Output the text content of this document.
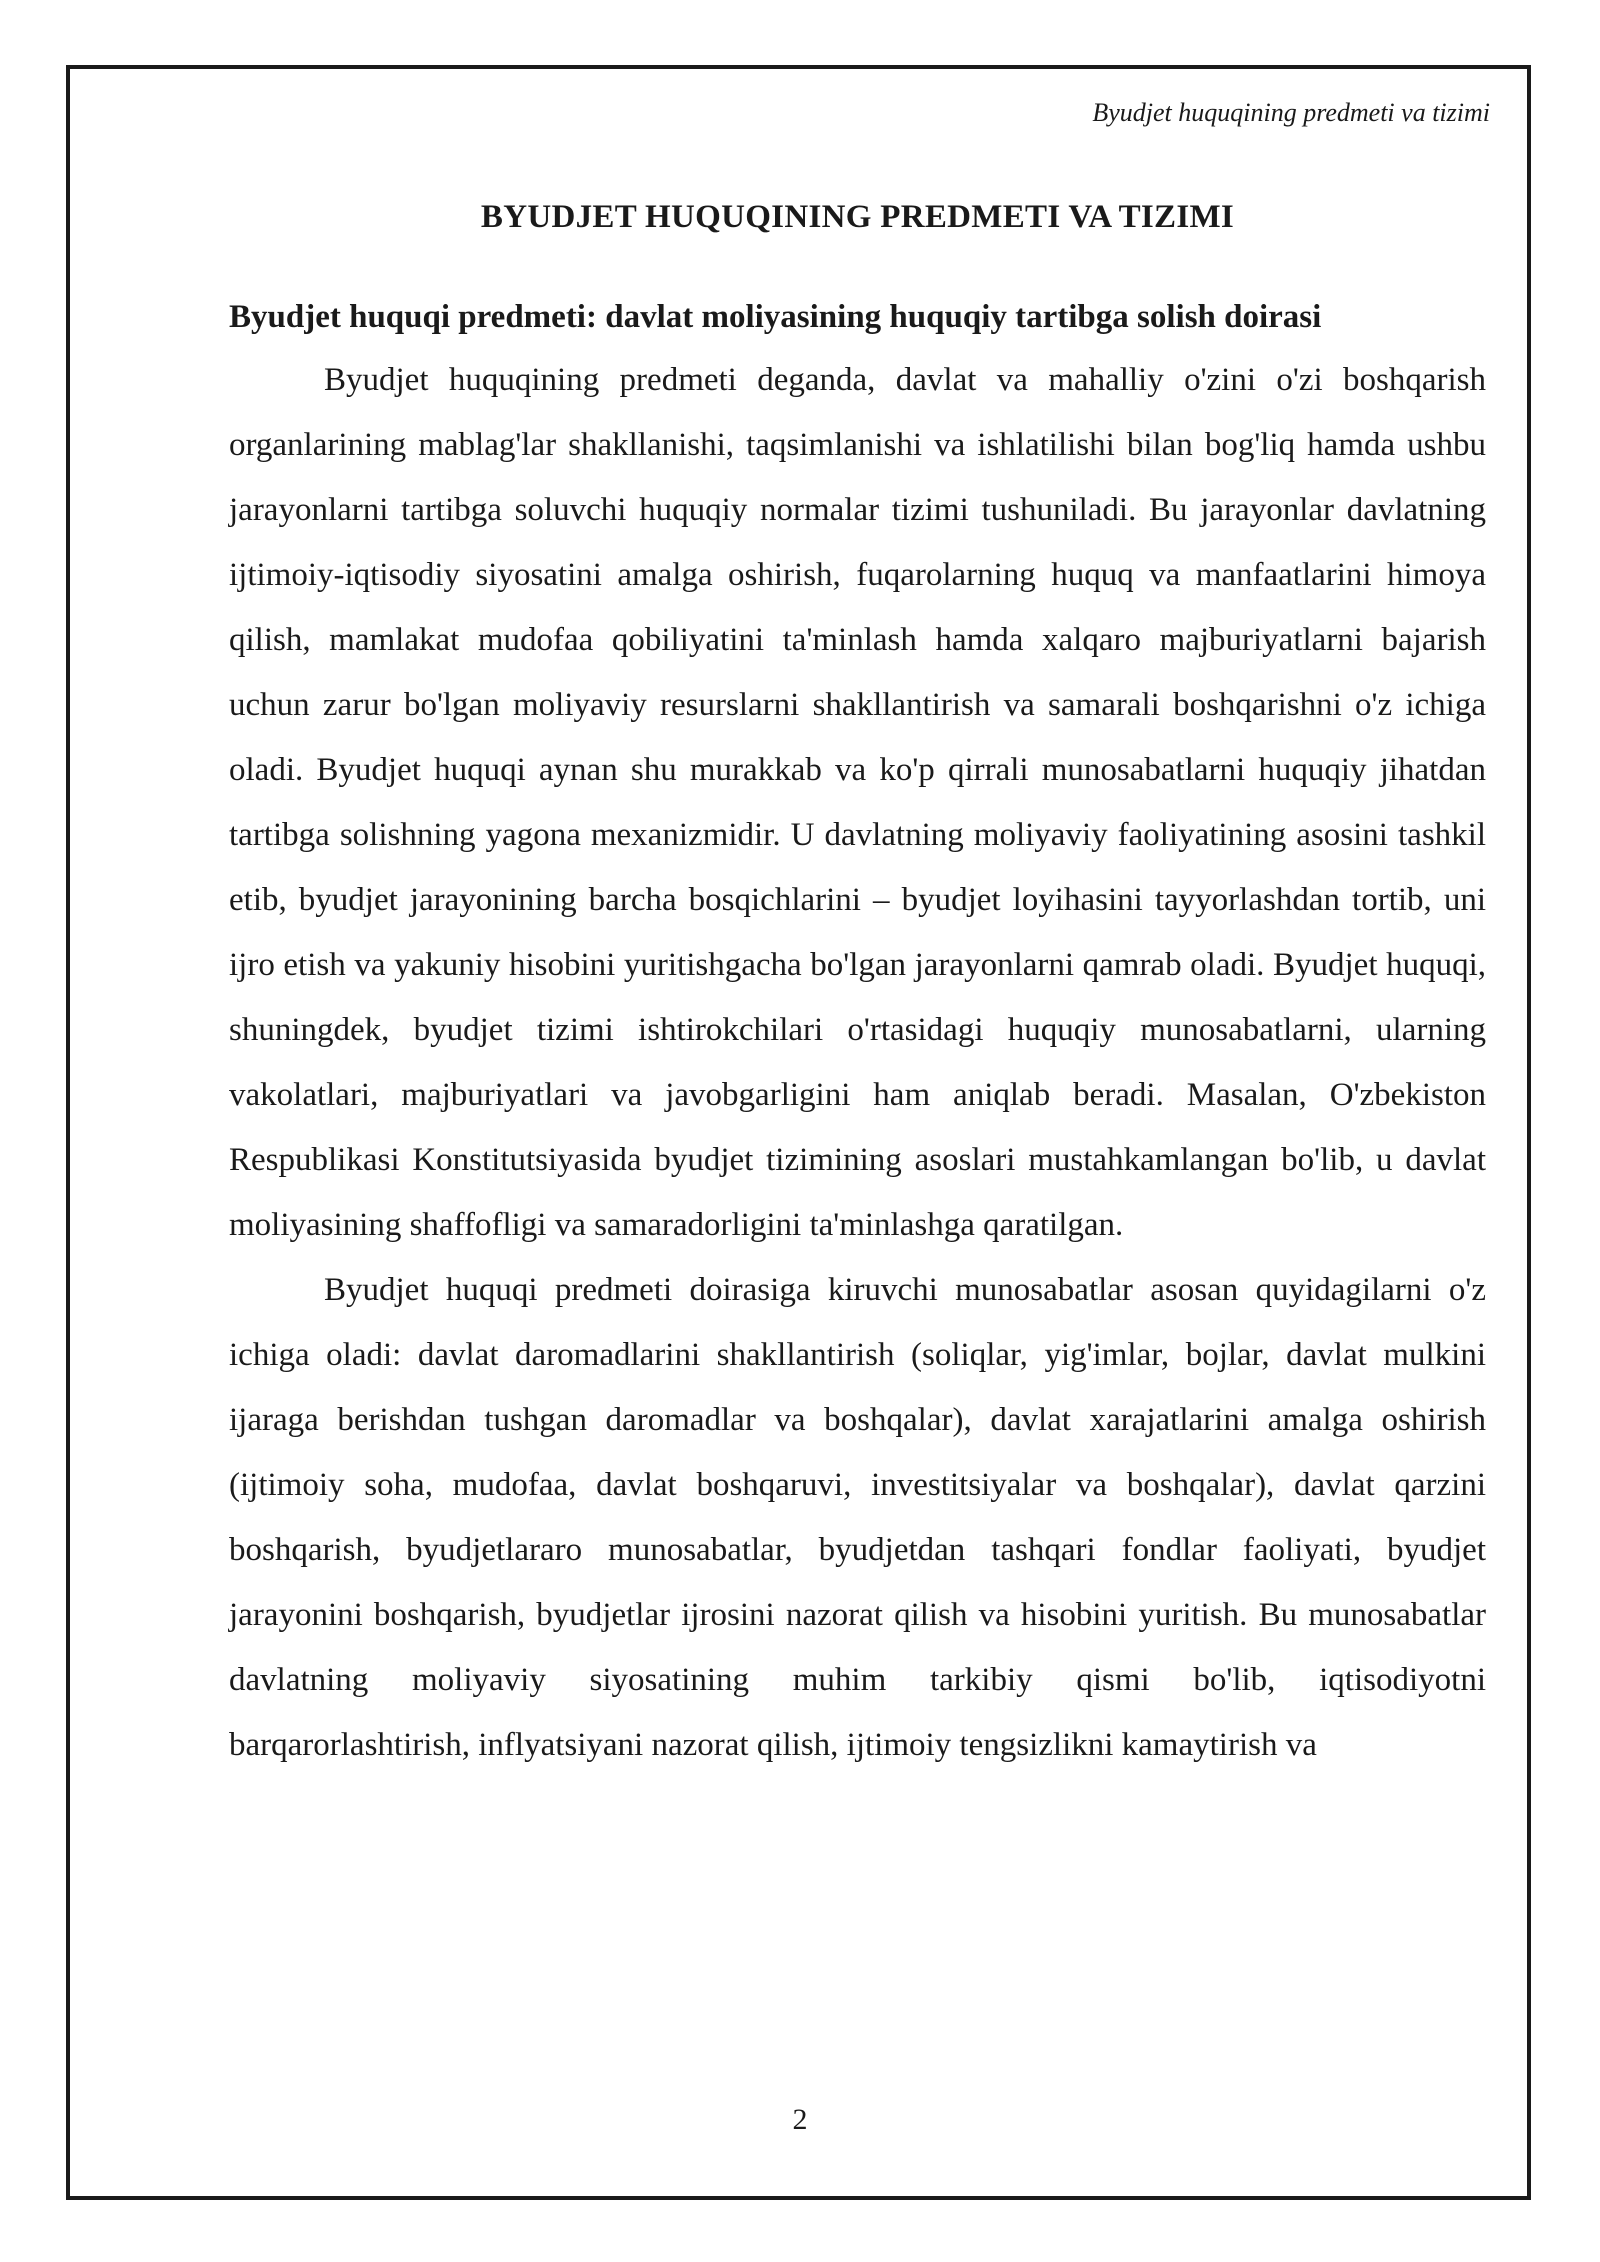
Byudjet huquqining predmeti va tizimi
BYUDJET HUQUQINING PREDMETI VA TIZIMI
Byudjet huquqi predmeti: davlat moliyasining huquqiy tartibga solish doirasi

Byudjet huquqining predmeti deganda, davlat va mahalliy o'zini o'zi boshqarish organlarining mablag'lar shakllanishi, taqsimlanishi va ishlatilishi bilan bog'liq hamda ushbu jarayonlarni tartibga soluvchi huquqiy normalar tizimi tushuniladi. Bu jarayonlar davlatning ijtimoiy-iqtisodiy siyosatini amalga oshirish, fuqarolarning huquq va manfaatlarini himoya qilish, mamlakat mudofaa qobiliyatini ta'minlash hamda xalqaro majburiyatlarni bajarish uchun zarur bo'lgan moliyaviy resurslarni shakllantirish va samarali boshqarishni o'z ichiga oladi. Byudjet huquqi aynan shu murakkab va ko'p qirrali munosabatlarni huquqiy jihatdan tartibga solishning yagona mexanizmidir. U davlatning moliyaviy faoliyatining asosini tashkil etib, byudjet jarayonining barcha bosqichlarini – byudjet loyihasini tayyorlashdan tortib, uni ijro etish va yakuniy hisobini yuritishgacha bo'lgan jarayonlarni qamrab oladi. Byudjet huquqi, shuningdek, byudjet tizimi ishtirokchilari o'rtasidagi huquqiy munosabatlarni, ularning vakolatlari, majburiyatlari va javobgarligini ham aniqlab beradi. Masalan, O'zbekiston Respublikasi Konstitutsiyasida byudjet tizimining asoslari mustahkamlangan bo'lib, u davlat moliyasining shaffofligi va samaradorligini ta'minlashga qaratilgan.

Byudjet huquqi predmeti doirasiga kiruvchi munosabatlar asosan quyidagilarni o'z ichiga oladi: davlat daromadlarini shakllantirish (soliqlar, yig'imlar, bojlar, davlat mulkini ijaraga berishdan tushgan daromadlar va boshqalar), davlat xarajatlarini amalga oshirish (ijtimoiy soha, mudofaa, davlat boshqaruvi, investitsiyalar va boshqalar), davlat qarzini boshqarish, byudjetlararo munosabatlar, byudjetdan tashqari fondlar faoliyati, byudjet jarayonini boshqarish, byudjetlar ijrosini nazorat qilish va hisobini yuritish. Bu munosabatlar davlatning moliyaviy siyosatining muhim tarkibiy qismi bo'lib, iqtisodiyotni barqarorlashtirish, inflyatsiyani nazorat qilish, ijtimoiy tengsizlikni kamaytirish va

2
